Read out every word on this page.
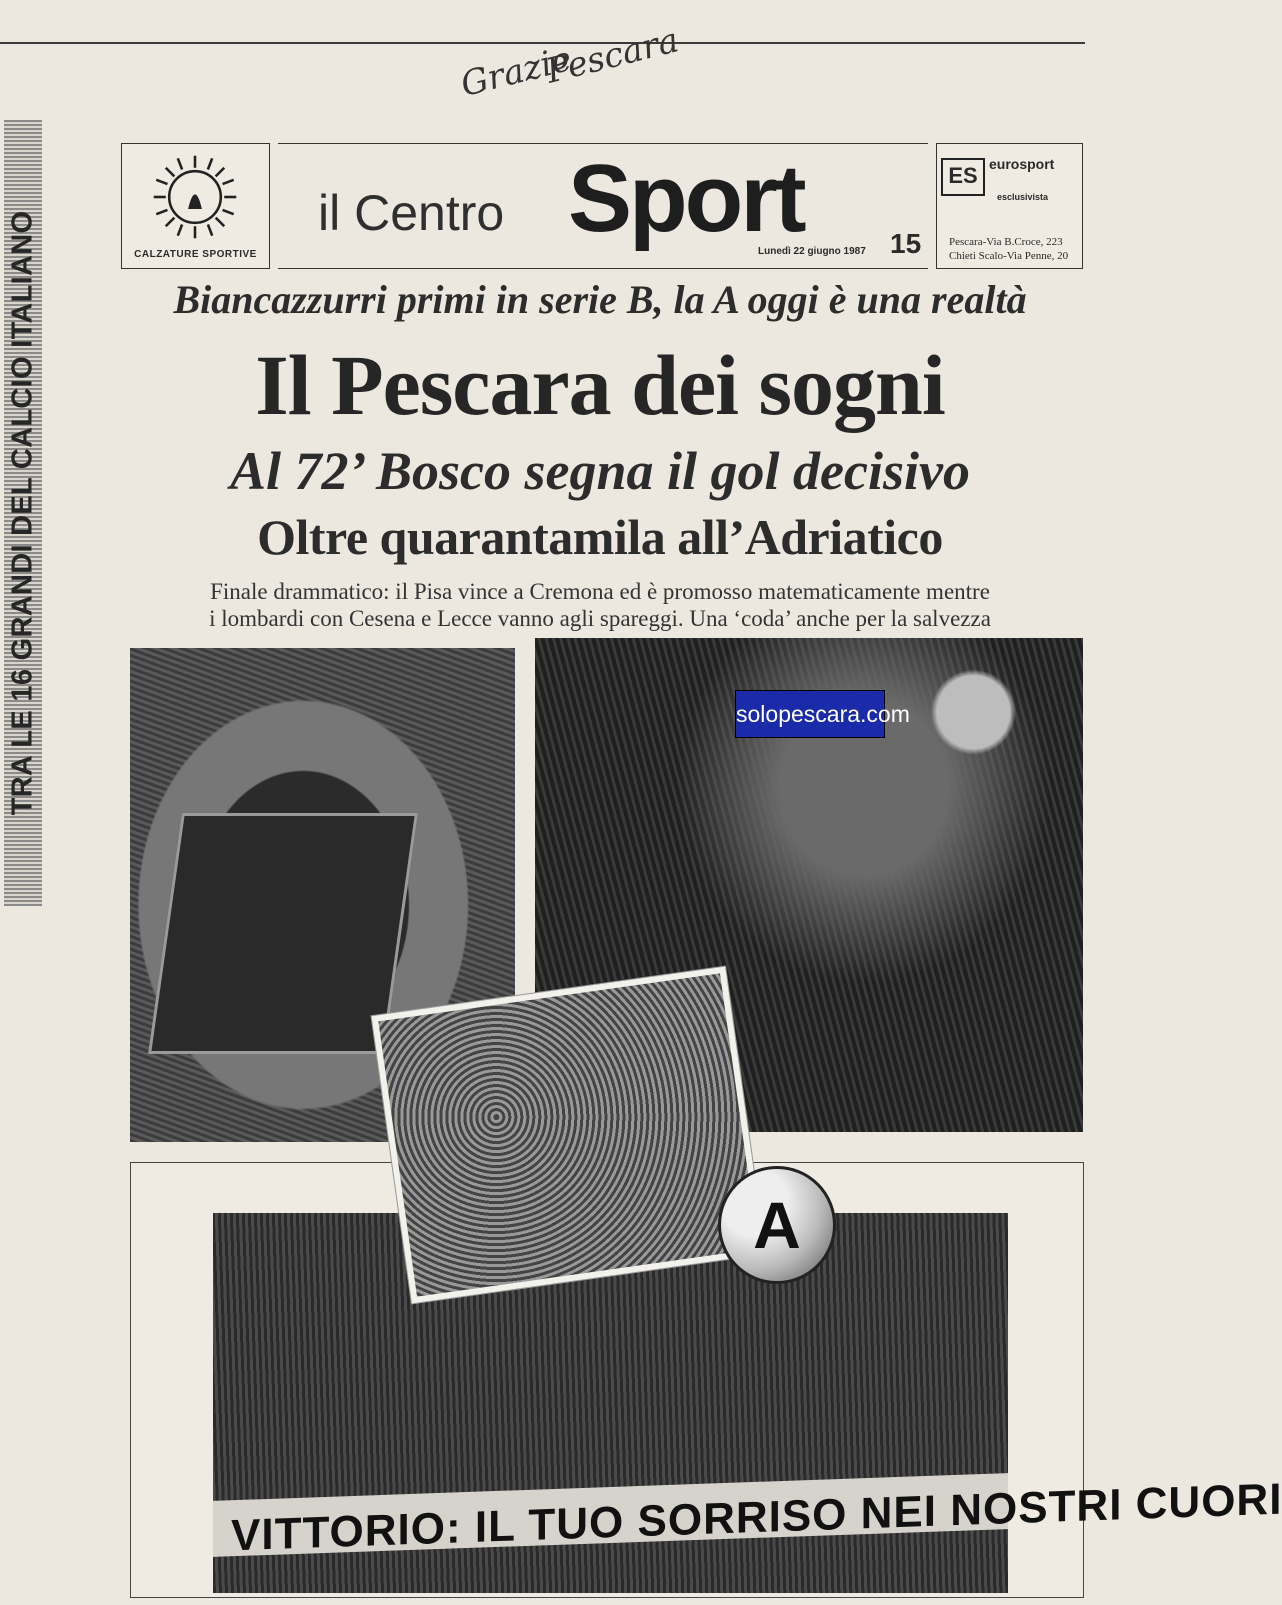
Grazie
Pescara
TRA LE 16 GRANDI DEL CALCIO ITALIANO	CALZATURE SPORTIVE
il Centro Sport
Lunedì 22 giugno 1987 15
ES eurosport
esclusivista
Pescara-Via B.Croce, 223
Chieti Scalo-Via Penne, 20
Biancazzurri primi in serie B, la A oggi è una realtà
Il Pescara dei sogni
Al 72’ Bosco segna il gol decisivo
Oltre quarantamila all’Adriatico
Finale drammatico: il Pisa vince a Cremona ed è promosso matematicamente mentre
i lombardi con Cesena e Lecce vanno agli spareggi. Una ‘coda’ anche per la salvezza
VITTORIO: IL TUO SORRISO NEI NOSTRI CUORI
A
solopescara.com
